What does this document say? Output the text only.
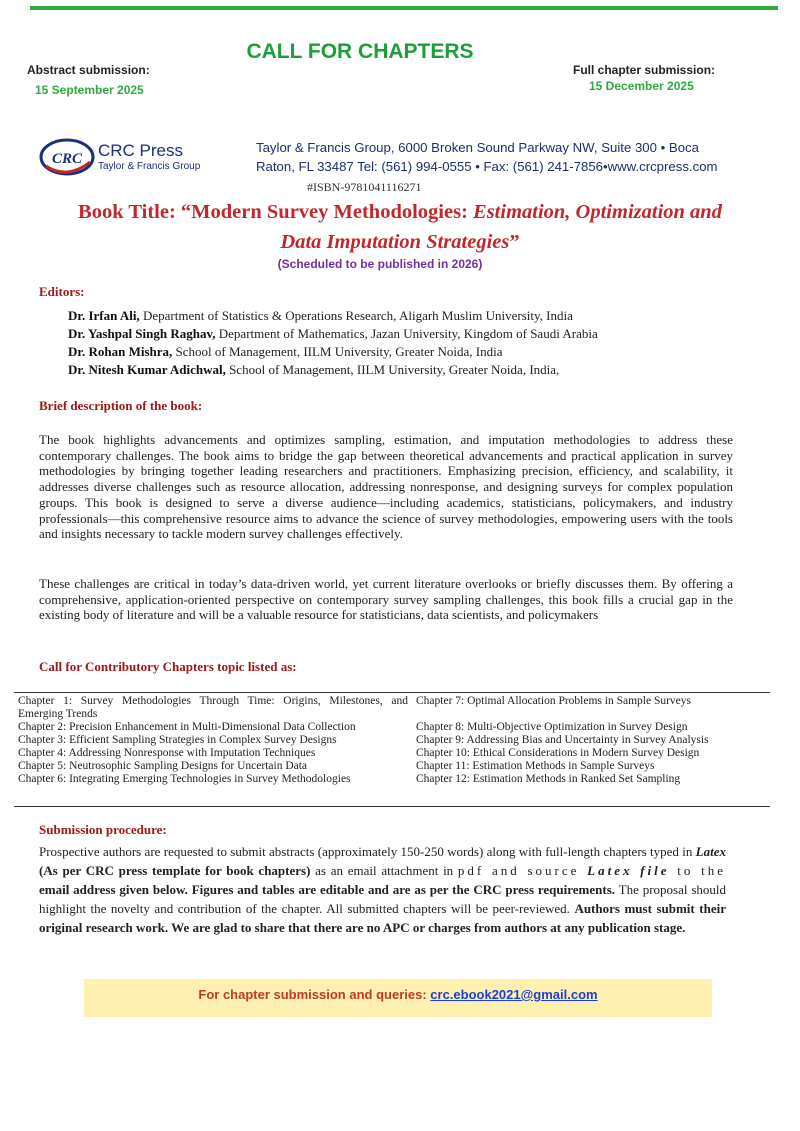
CALL FOR CHAPTERS
Abstract submission:
15 September 2025
Full chapter submission:
15 December 2025
CRC CRC Press
Taylor & Francis Group
Taylor & Francis Group, 6000 Broken Sound Parkway NW, Suite 300 • Boca
Raton, FL 33487 Tel: (561) 994-0555 • Fax: (561) 241-7856•www.crcpress.com
#ISBN-9781041116271
Book Title: “Modern Survey Methodologies: Estimation, Optimization and
Data Imputation Strategies”
(Scheduled to be published in 2026)
Editors:
Dr. Irfan Ali, Department of Statistics & Operations Research, Aligarh Muslim University, India
Dr. Yashpal Singh Raghav, Department of Mathematics, Jazan University, Kingdom of Saudi Arabia
Dr. Rohan Mishra, School of Management, IILM University, Greater Noida, India
Dr. Nitesh Kumar Adichwal, School of Management, IILM University, Greater Noida, India,
Brief description of the book:
The book highlights advancements and optimizes sampling, estimation, and imputation methodologies to address these contemporary challenges. The book aims to bridge the gap between theoretical advancements and practical application in survey methodologies by bringing together leading researchers and practitioners. Emphasizing precision, efficiency, and scalability, it addresses diverse challenges such as resource allocation, addressing nonresponse, and designing surveys for complex population groups. This book is designed to serve a diverse audience—including academics, statisticians, policymakers, and industry professionals—this comprehensive resource aims to advance the science of survey methodologies, empowering users with the tools and insights necessary to tackle modern survey challenges effectively.
These challenges are critical in today’s data-driven world, yet current literature overlooks or briefly discusses them. By offering a comprehensive, application-oriented perspective on contemporary survey sampling challenges, this book fills a crucial gap in the existing body of literature and will be a valuable resource for statisticians, data scientists, and policymakers
Call for Contributory Chapters topic listed as:
Chapter 1: Survey Methodologies Through Time: Origins, Milestones, and Emerging Trends	Chapter 7: Optimal Allocation Problems in Sample Surveys
Chapter 2: Precision Enhancement in Multi-Dimensional Data Collection	Chapter 8: Multi-Objective Optimization in Survey Design
Chapter 3: Efficient Sampling Strategies in Complex Survey Designs	Chapter 9: Addressing Bias and Uncertainty in Survey Analysis
Chapter 4: Addressing Nonresponse with Imputation Techniques	Chapter 10: Ethical Considerations in Modern Survey Design
Chapter 5: Neutrosophic Sampling Designs for Uncertain Data	Chapter 11: Estimation Methods in Sample Surveys
Chapter 6: Integrating Emerging Technologies in Survey Methodologies	Chapter 12: Estimation Methods in Ranked Set Sampling
Submission procedure:
Prospective authors are requested to submit abstracts (approximately 150-250 words) along with full-length chapters typed in Latex (As per CRC press template for book chapters) as an email attachment in pdf and source Latex file to the email address given below. Figures and tables are editable and are as per the CRC press requirements. The proposal should highlight the novelty and contribution of the chapter. All submitted chapters will be peer-reviewed. Authors must submit their original research work. We are glad to share that there are no APC or charges from authors at any publication stage.
For chapter submission and queries: crc.ebook2021@gmail.com
